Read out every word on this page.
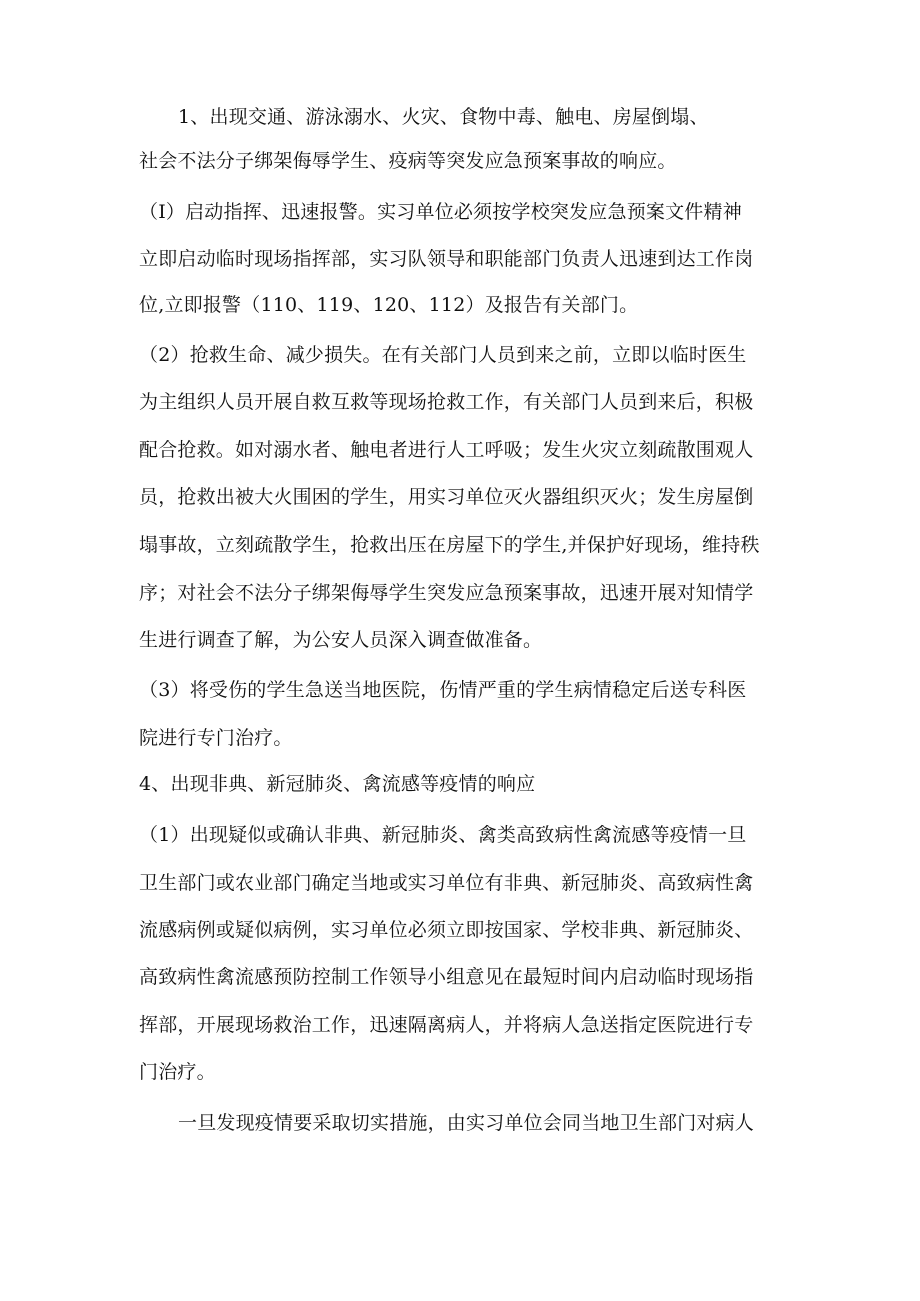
1、出现交通、游泳溺水、火灾、食物中毒、触电、房屋倒塌、
社会不法分子绑架侮辱学生、疫病等突发应急预案事故的响应。
（I）启动指挥、迅速报警。实习单位必须按学校突发应急预案文件精神
立即启动临时现场指挥部，实习队领导和职能部门负责人迅速到达工作岗
位,立即报警（110、119、120、112）及报告有关部门。
（2）抢救生命、减少损失。在有关部门人员到来之前，立即以临时医生
为主组织人员开展自救互救等现场抢救工作，有关部门人员到来后，积极
配合抢救。如对溺水者、触电者进行人工呼吸；发生火灾立刻疏散围观人
员，抢救出被大火围困的学生，用实习单位灭火器组织灭火；发生房屋倒
塌事故，立刻疏散学生，抢救出压在房屋下的学生,并保护好现场，维持秩
序；对社会不法分子绑架侮辱学生突发应急预案事故，迅速开展对知情学
生进行调查了解，为公安人员深入调查做准备。
（3）将受伤的学生急送当地医院，伤情严重的学生病情稳定后送专科医
院进行专门治疗。
4、出现非典、新冠肺炎、禽流感等疫情的响应
（1）出现疑似或确认非典、新冠肺炎、禽类高致病性禽流感等疫情一旦
卫生部门或农业部门确定当地或实习单位有非典、新冠肺炎、高致病性禽
流感病例或疑似病例，实习单位必须立即按国家、学校非典、新冠肺炎、
高致病性禽流感预防控制工作领导小组意见在最短时间内启动临时现场指
挥部，开展现场救治工作，迅速隔离病人，并将病人急送指定医院进行专
门治疗。
一旦发现疫情要采取切实措施，由实习单位会同当地卫生部门对病人
